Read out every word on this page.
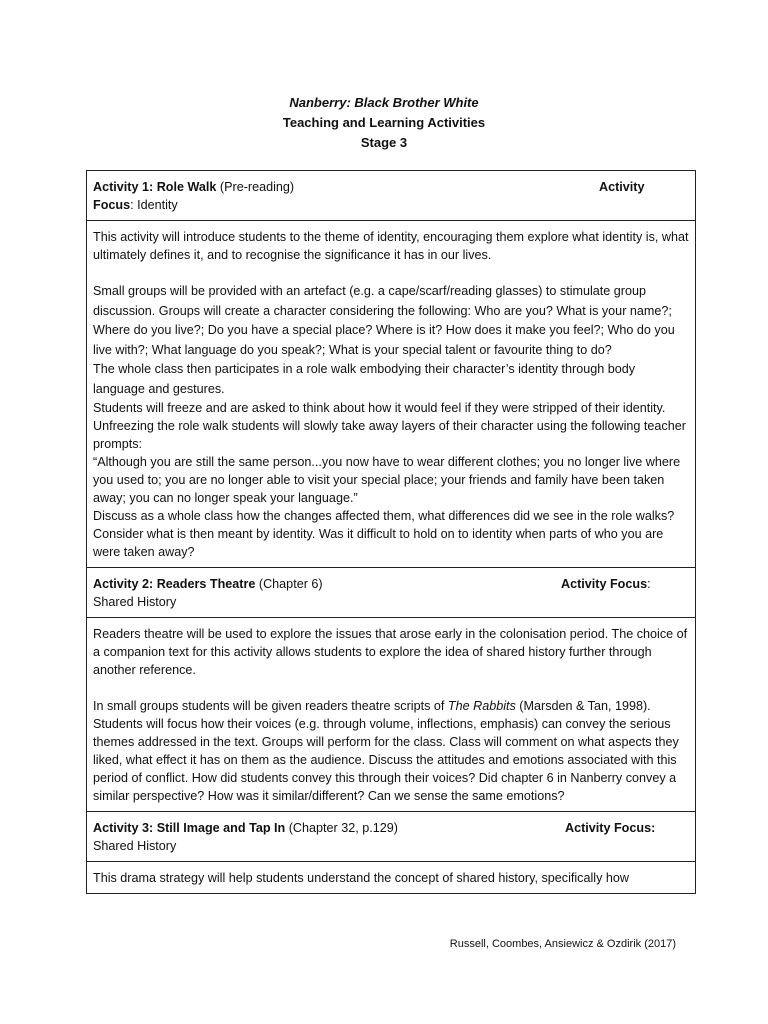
Nanberry: Black Brother White
Teaching and Learning Activities
Stage 3
Activity 1: Role Walk (Pre-reading)
Focus: Identity
Activity

This activity will introduce students to the theme of identity, encouraging them explore what identity is, what ultimately defines it, and to recognise the significance it has in our lives.

Small groups will be provided with an artefact (e.g. a cape/scarf/reading glasses) to stimulate group discussion. Groups will create a character considering the following: Who are you? What is your name?; Where do you live?; Do you have a special place? Where is it? How does it make you feel?; Who do you live with?; What language do you speak?; What is your special talent or favourite thing to do?

The whole class then participates in a role walk embodying their character’s identity through body language and gestures.

Students will freeze and are asked to think about how it would feel if they were stripped of their identity. Unfreezing the role walk students will slowly take away layers of their character using the following teacher prompts:

“Although you are still the same person...you now have to wear different clothes; you no longer live where you used to; you are no longer able to visit your special place; your friends and family have been taken away; you can no longer speak your language.”

Discuss as a whole class how the changes affected them, what differences did we see in the role walks? Consider what is then meant by identity. Was it difficult to hold on to identity when parts of who you are were taken away?

Activity 2: Readers Theatre (Chapter 6)
Shared History
Activity Focus:

Readers theatre will be used to explore the issues that arose early in the colonisation period. The choice of a companion text for this activity allows students to explore the idea of shared history further through another reference.

In small groups students will be given readers theatre scripts of The Rabbits (Marsden & Tan, 1998). Students will focus how their voices (e.g. through volume, inflections, emphasis) can convey the serious themes addressed in the text. Groups will perform for the class. Class will comment on what aspects they liked, what effect it has on them as the audience. Discuss the attitudes and emotions associated with this period of conflict. How did students convey this through their voices? Did chapter 6 in Nanberry convey a similar perspective? How was it similar/different? Can we sense the same emotions?

Activity 3: Still Image and Tap In (Chapter 32, p.129)
Shared History
Activity Focus:

This drama strategy will help students understand the concept of shared history, specifically how

Russell, Coombes, Ansiewicz & Ozdirik (2017)
